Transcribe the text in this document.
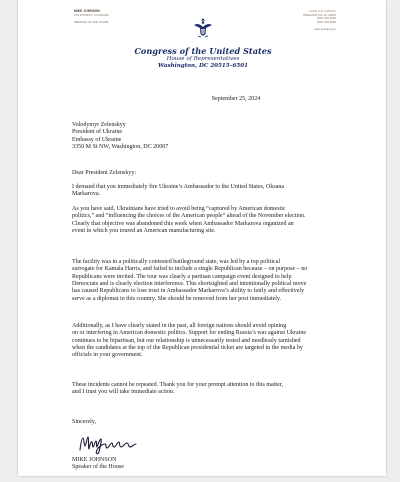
MIKE JOHNSON
4TH DISTRICT, LOUISIANA

SPEAKER OF THE HOUSE
H-232 U.S. CAPITOL
WASHINGTON, DC 20515
(202) 225-0100
(202) 225-6008

www.speaker.gov
Congress of the United States
House of Representatives
Washington, DC 20515–6501
September 25, 2024
Volodymyr Zelenskyy
President of Ukraine
Embassy of Ukraine
3350 M St NW, Washington, DC 20007
Dear President Zelenskyy:
I demand that you immediately fire Ukraine’s Ambassador to the United States, Oksana
Markarova.
As you have said, Ukrainians have tried to avoid being “captured by American domestic
politics,” and “influencing the choices of the American people” ahead of the November election.
Clearly that objective was abandoned this week when Ambassador Markarova organized an
event in which you toured an American manufacturing site.
The facility was in a politically contested battleground state, was led by a top political
surrogate for Kamala Harris, and failed to include a single Republican because – on purpose – no
Republicans were invited. The tour was clearly a partisan campaign event designed to help
Democrats and is clearly election interference. This shortsighted and intentionally political move
has caused Republicans to lose trust in Ambassador Markarova’s ability to fairly and effectively
serve as a diplomat in this country. She should be removed from her post immediately.
Additionally, as I have clearly stated in the past, all foreign nations should avoid opining
on or interfering in American domestic politics. Support for ending Russia’s war against Ukraine
continues to be bipartisan, but our relationship is unnecessarily tested and needlessly tarnished
when the candidates at the top of the Republican presidential ticket are targeted in the media by
officials in your government.
These incidents cannot be repeated. Thank you for your prompt attention to this matter,
and I trust you will take immediate action.
Sincerely,
MIKE JOHNSON
Speaker of the House
